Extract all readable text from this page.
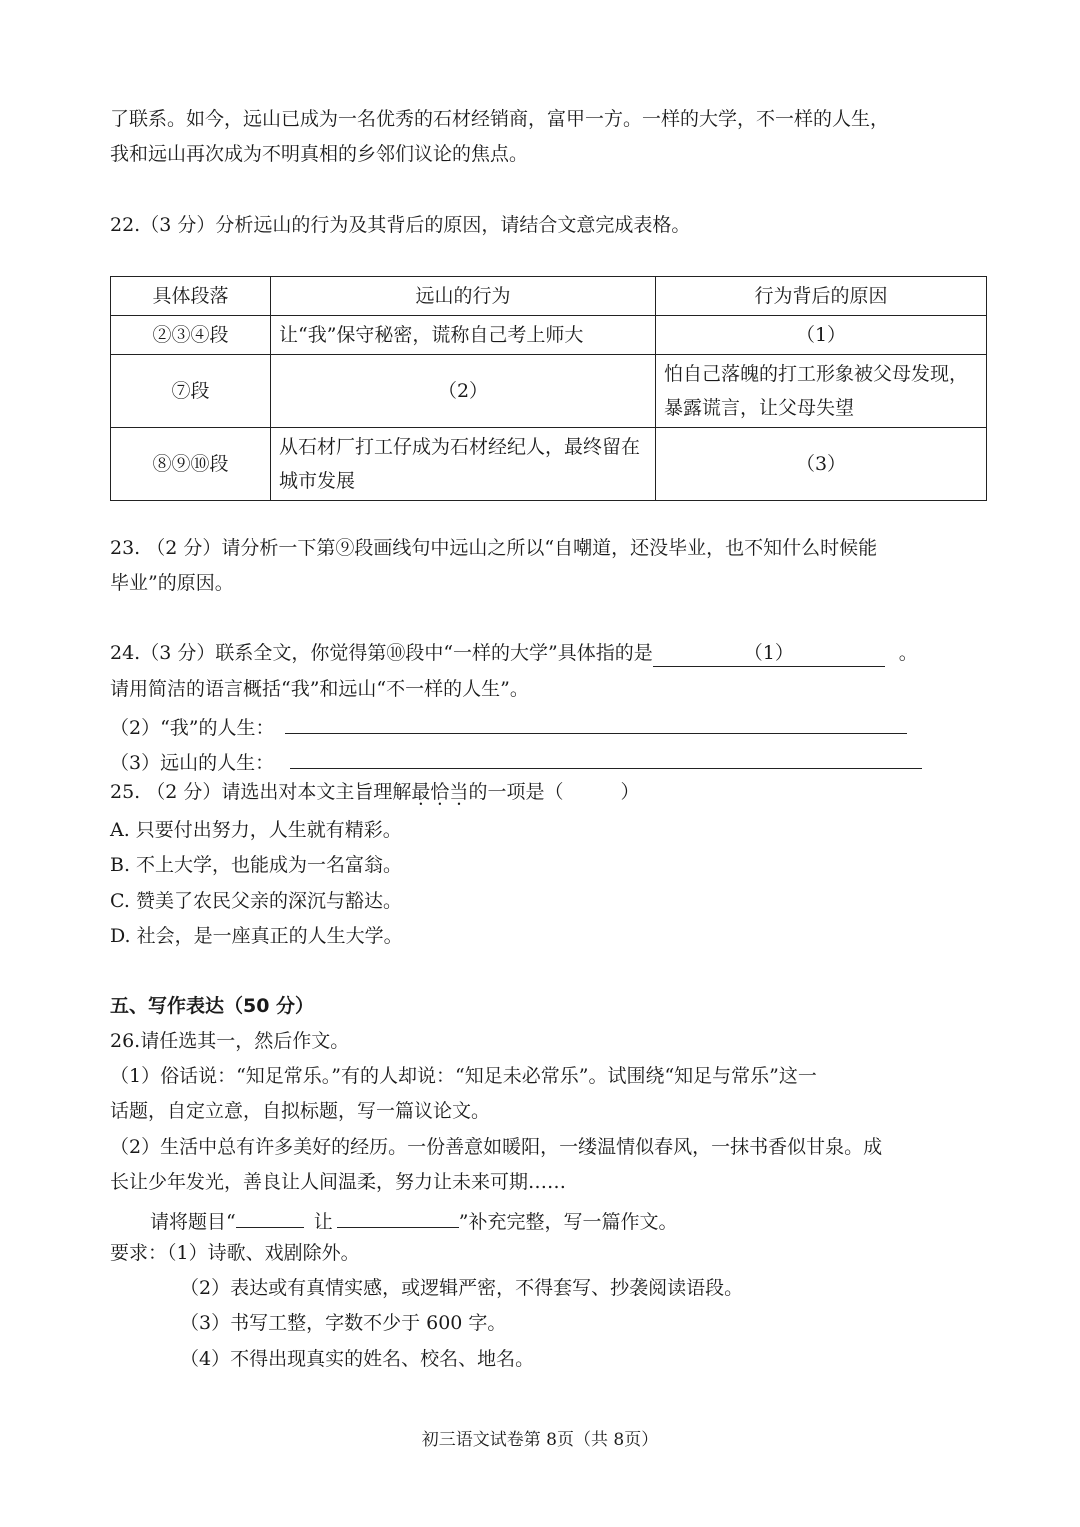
了联系。如今，远山已成为一名优秀的石材经销商，富甲一方。一样的大学，不一样的人生，
我和远山再次成为不明真相的乡邻们议论的焦点。
22.（3 分）分析远山的行为及其背后的原因，请结合文意完成表格。
具体段落	远山的行为	行为背后的原因
②③④段	让“我”保守秘密，谎称自己考上师大	（1）
⑦段	（2）	怕自己落魄的打工形象被父母发现，暴露谎言，让父母失望
⑧⑨⑩段	从石材厂打工仔成为石材经纪人，最终留在城市发展	（3）
23. （2 分）请分析一下第⑨段画线句中远山之所以“自嘲道，还没毕业，也不知什么时候能
毕业”的原因。
24.（3 分）联系全文，你觉得第⑩段中“一样的大学”具体指的是	（1）	。
请用简洁的语言概括“我”和远山“不一样的人生”。
（2）“我”的人生：
（3）远山的人生：
25. （2 分）请选出对本文主旨理解最恰当的一项是（　　　）
A. 只要付出努力，人生就有精彩。
B. 不上大学，也能成为一名富翁。
C. 赞美了农民父亲的深沉与豁达。
D. 社会，是一座真正的人生大学。
五、写作表达（50 分）
26.请任选其一，然后作文。
（1）俗话说：“知足常乐。”有的人却说：“知足未必常乐”。试围绕“知足与常乐”这一
话题，自定立意，自拟标题，写一篇议论文。
（2）生活中总有许多美好的经历。一份善意如暖阳，一缕温情似春风，一抹书香似甘泉。成
长让少年发光，善良让人间温柔，努力让未来可期……
请将题目“	让	”补充完整，写一篇作文。
要求：（1）诗歌、戏剧除外。
（2）表达或有真情实感，或逻辑严密，不得套写、抄袭阅读语段。
（3）书写工整，字数不少于 600 字。
（4）不得出现真实的姓名、校名、地名。
初三语文试卷第 8页（共 8页）
